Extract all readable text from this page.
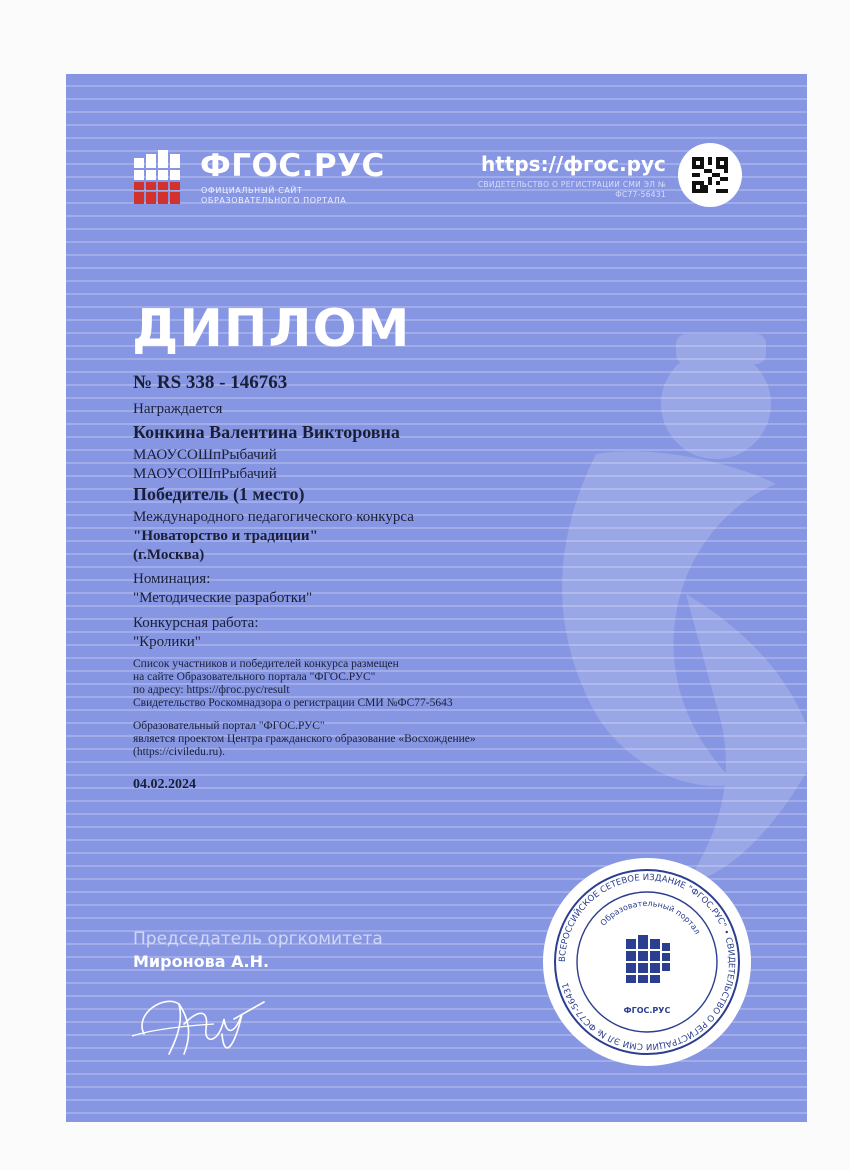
ФГОС.РУС
ОФИЦИАЛЬНЫЙ САЙТ ОБРАЗОВАТЕЛЬНОГО ПОРТАЛА
https://фгос.рус
СВИДЕТЕЛЬСТВО О РЕГИСТРАЦИИ СМИ ЭЛ № ФС77-56431
ДИПЛОМ
№ RS 338 - 146763
Награждается
Конкина Валентина Викторовна
МАОУСОШпРыбачий
МАОУСОШпРыбачий
Победитель (1 место)
Международного педагогического конкурса
"Новаторство и традиции"
(г.Москва)
Номинация:
"Методические разработки"
Конкурсная работа:
"Кролики"
Список участников и победителей конкурса размещен
на сайте Образовательного портала "ФГОС.РУС"
по адресу: https://фгос.рус/result
Свидетельство Роскомнадзора о регистрации СМИ №ФС77-5643
Образовательный портал "ФГОС.РУС"
является проектом Центра гражданского образование «Восхождение»
(https://civiledu.ru).
04.02.2024
Председатель оргкомитета
Миронова А.Н.	ВСЕРОССИЙСКОЕ СЕТЕВОЕ ИЗДАНИЕ "ФГОС.РУС" • СВИДЕТЕЛЬСТВО О РЕГИСТРАЦИИ СМИ ЭЛ № ФС77-56431
Образовательный портал
ФГОС.РУС
